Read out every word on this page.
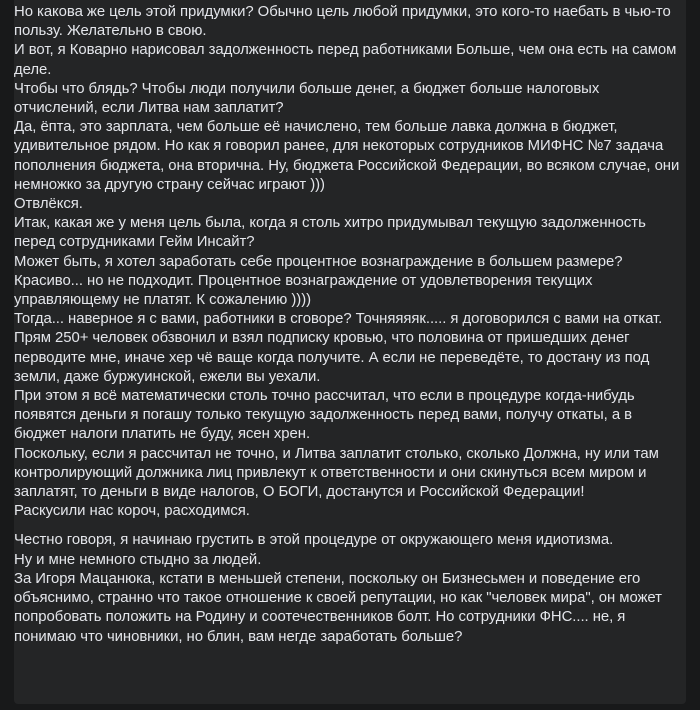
Но какова же цель этой придумки? Обычно цель любой придумки, это кого-то наебать в чью-то пользу. Желательно в свою.

И вот, я Коварно нарисовал задолженность перед работниками Больше, чем она есть на самом деле.

Чтобы что блядь? Чтобы люди получили больше денег, а бюджет больше налоговых отчислений, если Литва нам заплатит?

Да, ёпта, это зарплата, чем больше её начислено, тем больше лавка должна в бюджет, удивительное рядом. Но как я говорил ранее, для некоторых сотрудников МИФНС №7 задача пополнения бюджета, она вторична. Ну, бюджета Российской Федерации, во всяком случае, они немножко за другую страну сейчас играют )))

Отвлёкся.

Итак, какая же у меня цель была, когда я столь хитро придумывал текущую задолженность перед сотрудниками Гейм Инсайт?

Может быть, я хотел заработать себе процентное вознаграждение в большем размере? Красиво... но не подходит. Процентное вознаграждение от удовлетворения текущих управляющему не платят. К сожалению ))))

Тогда... наверное я с вами, работники в сговоре? Точняяяяк..... я договорился с вами на откат. Прям 250+ человек обзвонил и взял подписку кровью, что половина от пришедших денег перводите мне, иначе хер чё ваще когда получите. А если не переведёте, то достану из под земли, даже буржуинской, ежели вы уехали.

При этом я всё математически столь точно рассчитал, что если в процедуре когда-нибудь появятся деньги я погашу только текущую задолженность перед вами, получу откаты, а в бюджет налоги платить не буду, ясен хрен.

Поскольку, если я рассчитал не точно, и Литва заплатит столько, сколько Должна, ну или там контролирующий должника лиц привлекут к ответственности и они скинуться всем миром и заплатят, то деньги в виде налогов, О БОГИ, достанутся и Российской Федерации!

Раскусили нас короч, расходимся.

Честно говоря, я начинаю грустить в этой процедуре от окружающего меня идиотизма.

Ну и мне немного стыдно за людей.

За Игоря Мацанюка, кстати в меньшей степени, поскольку он Бизнесьмен и поведение его объяснимо, странно что такое отношение к своей репутации, но как "человек мира", он может попробовать положить на Родину и соотечественников болт. Но сотрудники ФНС.... не, я понимаю что чиновники, но блин, вам негде заработать больше?
